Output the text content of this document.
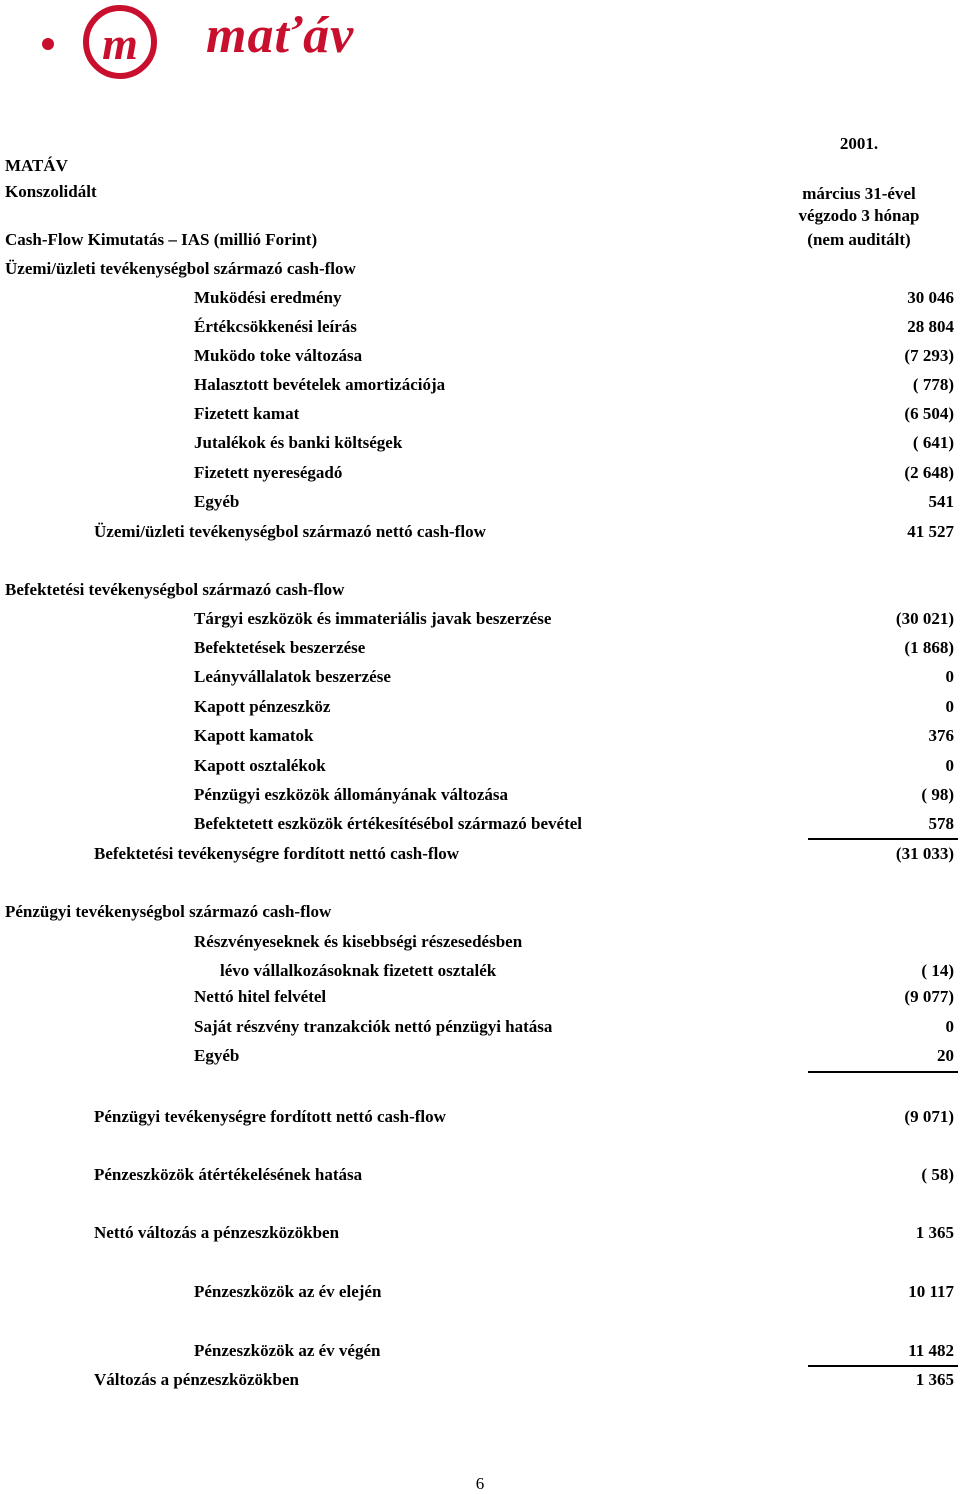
m maťáv
2001.
MATÁV
Konszolidált	március 31-ével
végzodo 3 hónap
Cash-Flow Kimutatás – IAS (millió Forint)	(nem auditált)
Üzemi/üzleti tevékenységbol származó cash-flow
Muködési eredmény	30 046
Értékcsökkenési leírás	28 804
Muködo toke változása	(7 293)
Halasztott bevételek amortizációja	( 778)
Fizetett kamat	(6 504)
Jutalékok és banki költségek	( 641)
Fizetett nyereségadó	(2 648)
Egyéb	541
Üzemi/üzleti tevékenységbol származó nettó cash-flow	41 527
Befektetési tevékenységbol származó cash-flow
Tárgyi eszközök és immateriális javak beszerzése	(30 021)
Befektetések beszerzése	(1 868)
Leányvállalatok beszerzése	0
Kapott pénzeszköz	0
Kapott kamatok	376
Kapott osztalékok	0
Pénzügyi eszközök állományának változása	( 98)
Befektetett eszközök értékesítésébol származó bevétel	578
Befektetési tevékenységre fordított nettó cash-flow	(31 033)
Pénzügyi tevékenységbol származó cash-flow
Részvényeseknek és kisebbségi részesedésben
lévo vállalkozásoknak fizetett osztalék	( 14)
Nettó hitel felvétel	(9 077)
Saját részvény tranzakciók nettó pénzügyi hatása	0
Egyéb	20
Pénzügyi tevékenységre fordított nettó cash-flow	(9 071)
Pénzeszközök átértékelésének hatása	( 58)
Nettó változás a pénzeszközökben	1 365
Pénzeszközök az év elején	10 117
Pénzeszközök az év végén	11 482
Változás a pénzeszközökben	1 365
6
